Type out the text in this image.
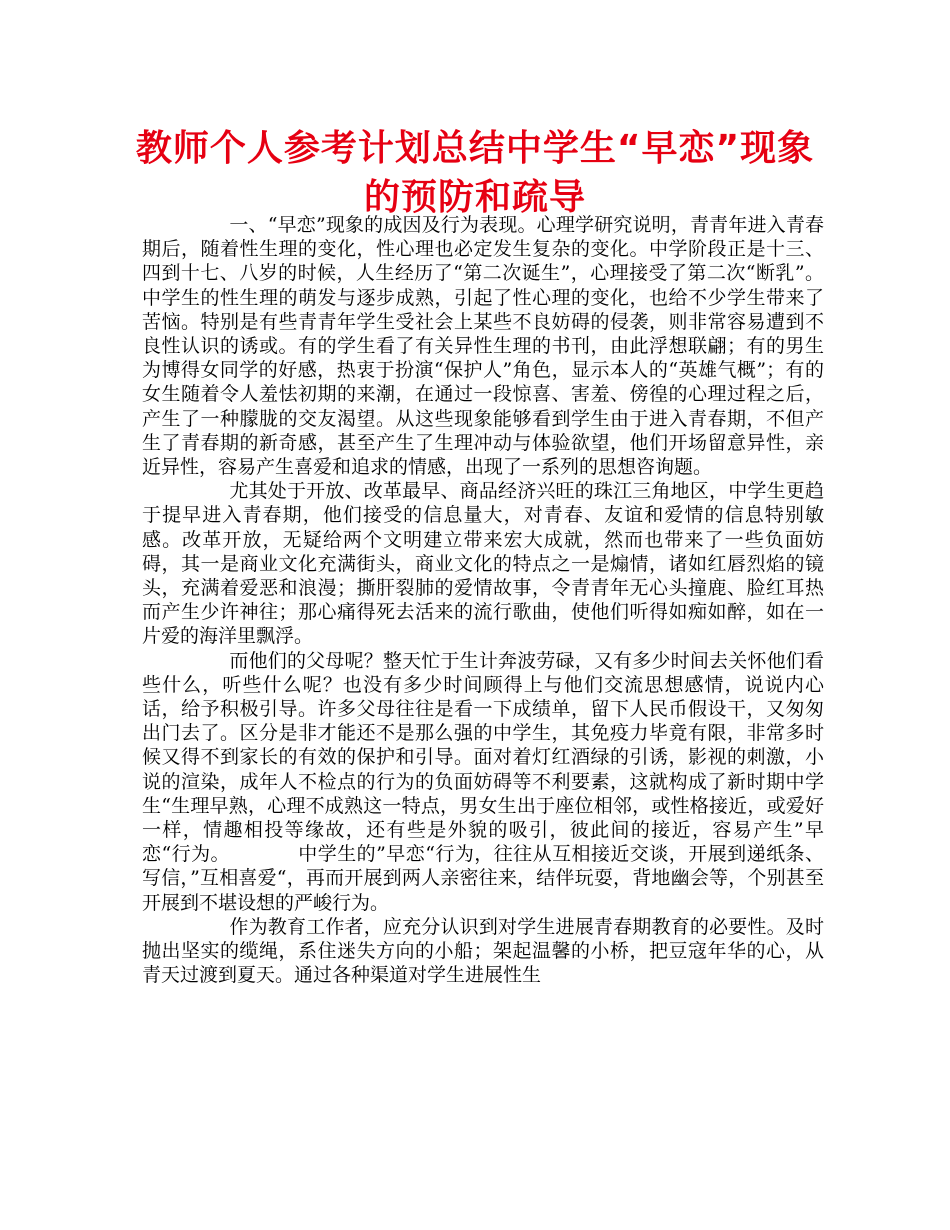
教师个人参考计划总结中学生“早恋”现象的预防和疏导

一、“早恋”现象的成因及行为表现。心理学研究说明，青青年进入青春期后，随着性生理的变化，性心理也必定发生复杂的变化。中学阶段正是十三、四到十七、八岁的时候，人生经历了“第二次诞生”，心理接受了第二次“断乳”。中学生的性生理的萌发与逐步成熟，引起了性心理的变化，也给不少学生带来了苦恼。特别是有些青青年学生受社会上某些不良妨碍的侵袭，则非常容易遭到不良性认识的诱或。有的学生看了有关异性生理的书刊，由此浮想联翩；有的男生为博得女同学的好感，热衷于扮演“保护人”角色，显示本人的“英雄气概”；有的女生随着令人羞怯初期的来潮，在通过一段惊喜、害羞、傍徨的心理过程之后，产生了一种朦胧的交友渴望。从这些现象能够看到学生由于进入青春期，不但产生了青春期的新奇感，甚至产生了生理冲动与体验欲望，他们开场留意异性，亲近异性，容易产生喜爱和追求的情感，出现了一系列的思想咨询题。

尤其处于开放、改革最早、商品经济兴旺的珠江三角地区，中学生更趋于提早进入青春期，他们接受的信息量大，对青春、友谊和爱情的信息特别敏感。改革开放，无疑给两个文明建立带来宏大成就，然而也带来了一些负面妨碍，其一是商业文化充满街头，商业文化的特点之一是煽情，诸如红唇烈焰的镜头，充满着爱恶和浪漫；撕肝裂肺的爱情故事，令青青年无心头撞鹿、脸红耳热而产生少许神往；那心痛得死去活来的流行歌曲，使他们听得如痴如醉，如在一片爱的海洋里飘浮。

而他们的父母呢？整天忙于生计奔波劳碌，又有多少时间去关怀他们看些什么，听些什么呢？也没有多少时间顾得上与他们交流思想感情，说说内心话，给予积极引导。许多父母往往是看一下成绩单，留下人民币假设干，又匆匆出门去了。区分是非才能还不是那么强的中学生，其免疫力毕竟有限，非常多时候又得不到家长的有效的保护和引导。面对着灯红酒绿的引诱，影视的刺激，小说的渲染，成年人不检点的行为的负面妨碍等不利要素，这就构成了新时期中学生“生理早熟，心理不成熟这一特点，男女生出于座位相邻，或性格接近，或爱好一样，情趣相投等缘故，还有些是外貌的吸引，彼此间的接近，容易产生”早恋“行为。　　　　中学生的”早恋“行为，往往从互相接近交谈，开展到递纸条、写信，”互相喜爱“，再而开展到两人亲密往来，结伴玩耍，背地幽会等，个别甚至开展到不堪设想的严峻行为。

作为教育工作者，应充分认识到对学生进展青春期教育的必要性。及时抛出坚实的缆绳，系住迷失方向的小船；架起温馨的小桥，把豆寇年华的心，从青天过渡到夏天。通过各种渠道对学生进展性生
